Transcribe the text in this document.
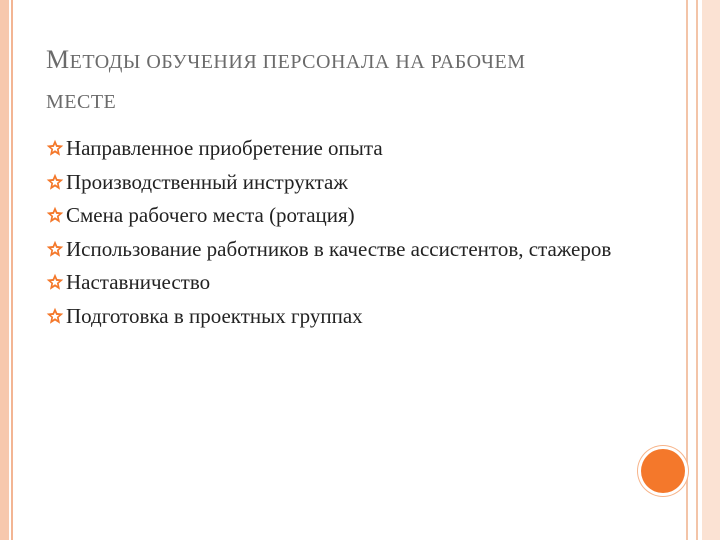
МЕТОДЫ ОБУЧЕНИЯ ПЕРСОНАЛА НА РАБОЧЕМ
МЕСТЕ
Направленное приобретение опыта
Производственный инструктаж
Смена рабочего места (ротация)
Использование работников в качестве ассистентов, стажеров
Наставничество
Подготовка в проектных группах
